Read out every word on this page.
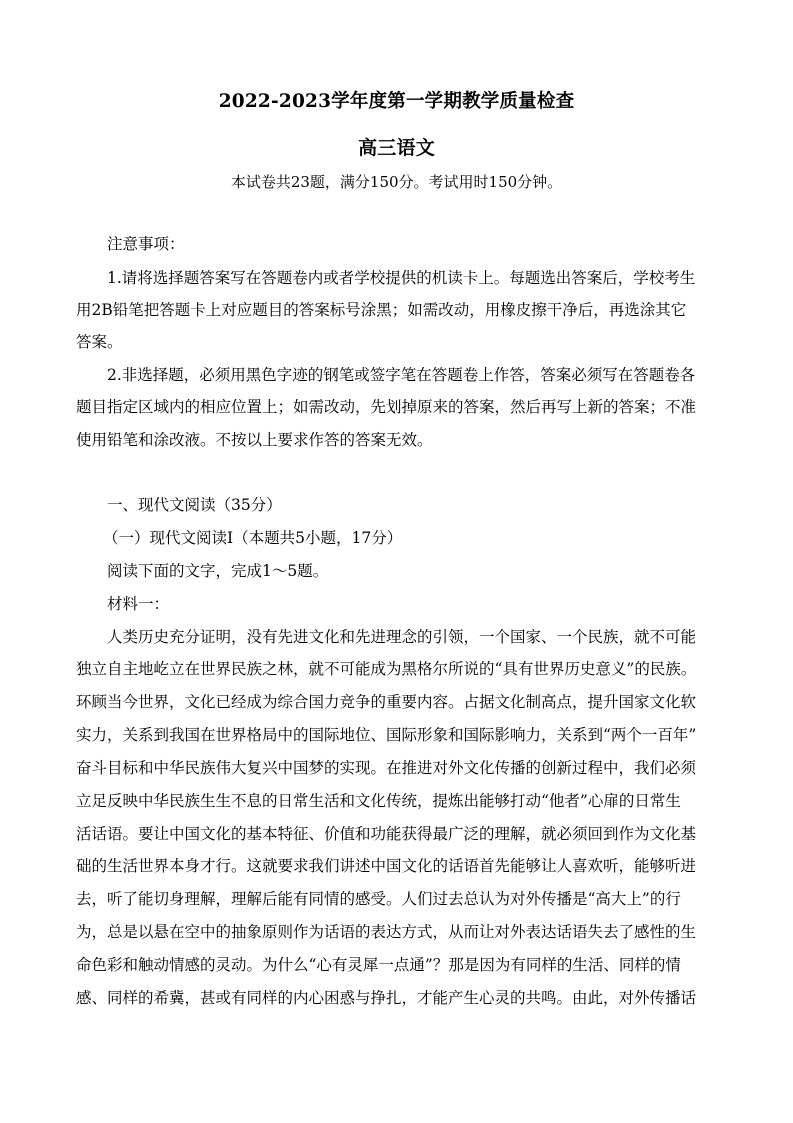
2022-2023学年度第一学期教学质量检查
高三语文
本试卷共23题，满分150分。考试用时150分钟。
注意事项：
1.请将选择题答案写在答题卷内或者学校提供的机读卡上。每题选出答案后，学校考生
用2B铅笔把答题卡上对应题目的答案标号涂黑；如需改动，用橡皮擦干净后，再选涂其它
答案。
2.非选择题，必须用黑色字迹的钢笔或签字笔在答题卷上作答，答案必须写在答题卷各
题目指定区域内的相应位置上；如需改动，先划掉原来的答案，然后再写上新的答案；不准
使用铅笔和涂改液。不按以上要求作答的答案无效。
一、现代文阅读（35分）
（一）现代文阅读Ⅰ（本题共5小题，17分）
阅读下面的文字，完成1～5题。
材料一：
人类历史充分证明，没有先进文化和先进理念的引领，一个国家、一个民族，就不可能
独立自主地屹立在世界民族之林，就不可能成为黑格尔所说的“具有世界历史意义”的民族。
环顾当今世界，文化已经成为综合国力竞争的重要内容。占据文化制高点，提升国家文化软
实力，关系到我国在世界格局中的国际地位、国际形象和国际影响力，关系到“两个一百年”
奋斗目标和中华民族伟大复兴中国梦的实现。在推进对外文化传播的创新过程中，我们必须
立足反映中华民族生生不息的日常生活和文化传统，提炼出能够打动“他者”心扉的日常生
活话语。要让中国文化的基本特征、价值和功能获得最广泛的理解，就必须回到作为文化基
础的生活世界本身才行。这就要求我们讲述中国文化的话语首先能够让人喜欢听，能够听进
去，听了能切身理解，理解后能有同情的感受。人们过去总认为对外传播是“高大上”的行
为，总是以悬在空中的抽象原则作为话语的表达方式，从而让对外表达话语失去了感性的生
命色彩和触动情感的灵动。为什么“心有灵犀一点通”？那是因为有同样的生活、同样的情
感、同样的希冀，甚或有同样的内心困惑与挣扎，才能产生心灵的共鸣。由此，对外传播话
